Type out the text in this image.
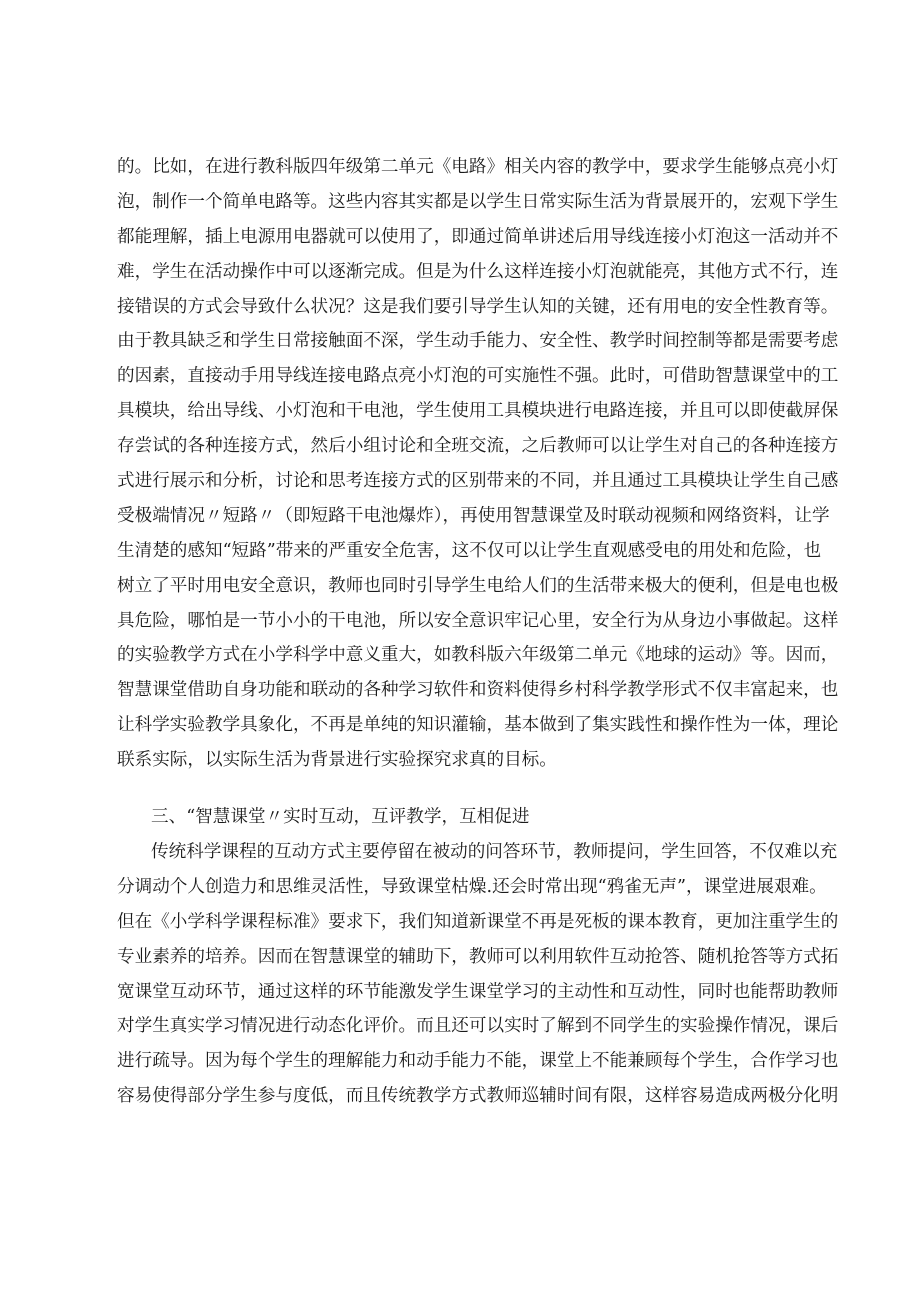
的。比如，在进行教科版四年级第二单元《电路》相关内容的教学中，要求学生能够点亮小灯
泡，制作一个简单电路等。这些内容其实都是以学生日常实际生活为背景展开的，宏观下学生
都能理解，插上电源用电器就可以使用了，即通过简单讲述后用导线连接小灯泡这一活动并不
难，学生在活动操作中可以逐渐完成。但是为什么这样连接小灯泡就能亮，其他方式不行，连
接错误的方式会导致什么状况？这是我们要引导学生认知的关键，还有用电的安全性教育等。
由于教具缺乏和学生日常接触面不深，学生动手能力、安全性、教学时间控制等都是需要考虑
的因素，直接动手用导线连接电路点亮小灯泡的可实施性不强。此时，可借助智慧课堂中的工
具模块，给出导线、小灯泡和干电池，学生使用工具模块进行电路连接，并且可以即使截屏保
存尝试的各种连接方式，然后小组讨论和全班交流，之后教师可以让学生对自己的各种连接方
式进行展示和分析，讨论和思考连接方式的区别带来的不同，并且通过工具模块让学生自己感
受极端情况〃短路〃（即短路干电池爆炸），再使用智慧课堂及时联动视频和网络资料，让学
生清楚的感知“短路”带来的严重安全危害，这不仅可以让学生直观感受电的用处和危险，也
树立了平时用电安全意识，教师也同时引导学生电给人们的生活带来极大的便利，但是电也极
具危险，哪怕是一节小小的干电池，所以安全意识牢记心里，安全行为从身边小事做起。这样
的实验教学方式在小学科学中意义重大，如教科版六年级第二单元《地球的运动》等。因而，
智慧课堂借助自身功能和联动的各种学习软件和资料使得乡村科学教学形式不仅丰富起来，也
让科学实验教学具象化，不再是单纯的知识灌输，基本做到了集实践性和操作性为一体，理论
联系实际，以实际生活为背景进行实验探究求真的目标。
三、“智慧课堂〃实时互动，互评教学，互相促进
传统科学课程的互动方式主要停留在被动的问答环节，教师提问，学生回答，不仅难以充
分调动个人创造力和思维灵活性，导致课堂枯燥.还会时常出现“鸦雀无声”，课堂进展艰难。
但在《小学科学课程标准》要求下，我们知道新课堂不再是死板的课本教育，更加注重学生的
专业素养的培养。因而在智慧课堂的辅助下，教师可以利用软件互动抢答、随机抢答等方式拓
宽课堂互动环节，通过这样的环节能激发学生课堂学习的主动性和互动性，同时也能帮助教师
对学生真实学习情况进行动态化评价。而且还可以实时了解到不同学生的实验操作情况，课后
进行疏导。因为每个学生的理解能力和动手能力不能，课堂上不能兼顾每个学生，合作学习也
容易使得部分学生参与度低，而且传统教学方式教师巡辅时间有限，这样容易造成两极分化明
